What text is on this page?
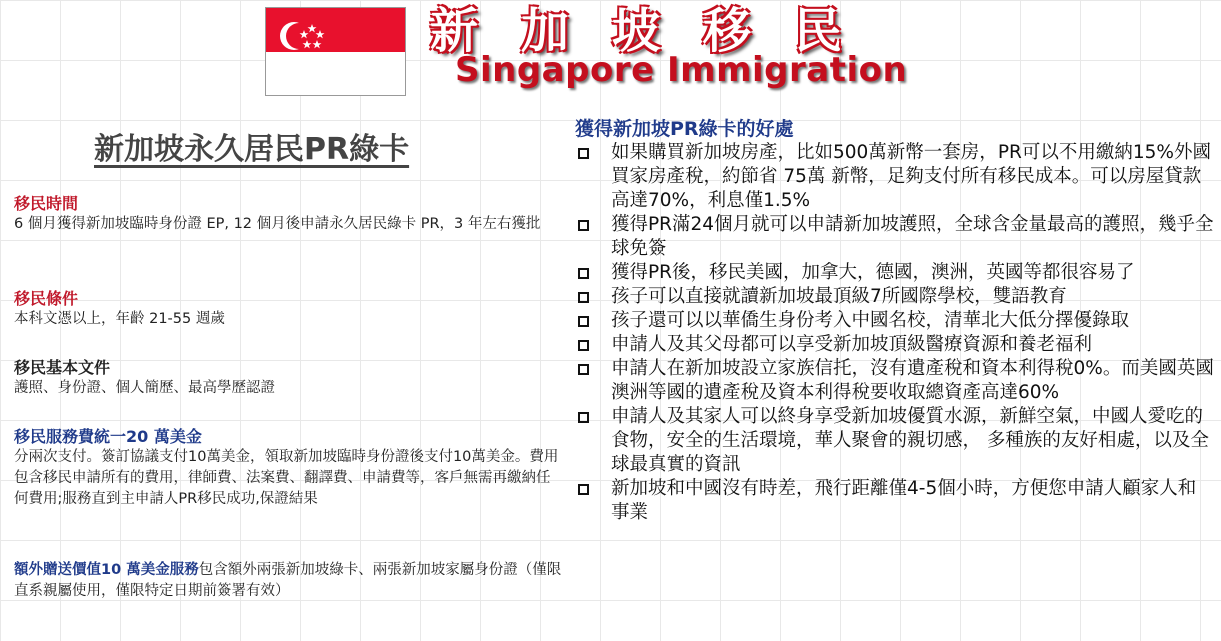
新加坡移民
Singapore Immigration
新加坡永久居民PR綠卡
移民時間
6 個月獲得新加坡臨時身份證 EP, 12 個月後申請永久居民綠卡 PR，3 年左右獲批
移民條件
本科文憑以上，年齡 21-55 週歲
移民基本文件
護照、身份證、個人簡歷、最高學歷認證
移民服務費統一20 萬美金
分兩次支付。簽訂協議支付10萬美金，領取新加坡臨時身份證後支付10萬美金。費用包含移民申請所有的費用，律師費、法案費、翻譯費、申請費等，客戶無需再繳納任何費用;服務直到主申請人PR移民成功,保證結果
額外贈送價值10 萬美金服務包含額外兩張新加坡綠卡、兩張新加坡家屬身份證（僅限直系親屬使用，僅限特定日期前簽署有效）
獲得新加坡PR綠卡的好處
如果購買新加坡房產，比如500萬新幣一套房，PR可以不用繳納15%外國買家房產稅，約節省 75萬 新幣，足夠支付所有移民成本。可以房屋貸款高達70%，利息僅1.5%
獲得PR滿24個月就可以申請新加坡護照，全球含金量最高的護照，幾乎全球免簽
獲得PR後，移民美國，加拿大，德國，澳洲，英國等都很容易了
孩子可以直接就讀新加坡最頂級7所國際學校，雙語教育
孩子還可以以華僑生身份考入中國名校，清華北大低分擇優錄取
申請人及其父母都可以享受新加坡頂級醫療資源和養老福利
申請人在新加坡設立家族信托，沒有遺產稅和資本利得稅0%。而美國英國澳洲等國的遺產稅及資本利得稅要收取總資產高達60%
申請人及其家人可以終身享受新加坡優質水源，新鮮空氣，中國人愛吃的食物，安全的生活環境，華人聚會的親切感， 多種族的友好相處，以及全球最真實的資訊
新加坡和中國沒有時差，飛行距離僅4-5個小時，方便您申請人顧家人和事業
